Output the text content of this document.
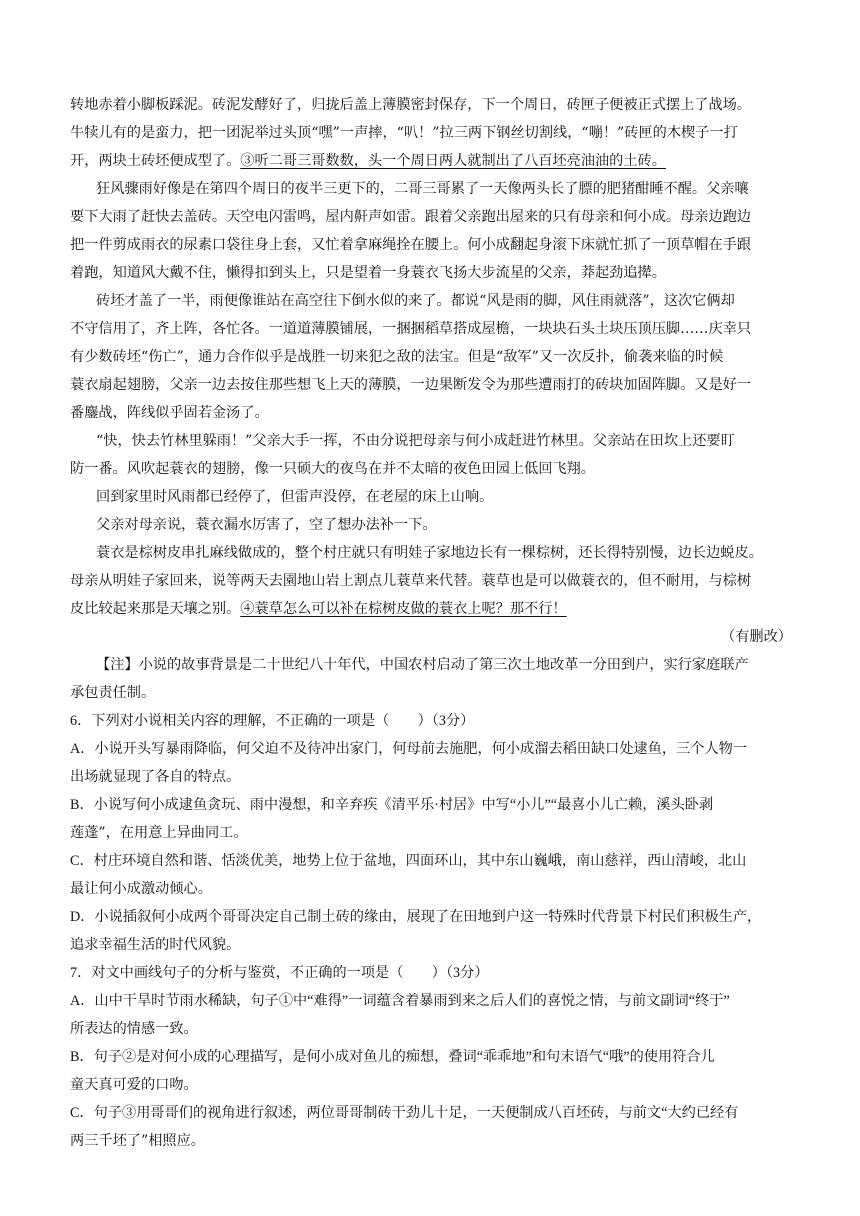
转地赤着小脚板踩泥。砖泥发酵好了，归拢后盖上薄膜密封保存，下一个周日，砖匣子便被正式摆上了战场。
牛犊儿有的是蛮力，把一团泥举过头顶“嘿”一声摔，“叭！”拉三两下钢丝切割线，“嘣！”砖匣的木楔子一打
开，两块土砖坯便成型了。③听二哥三哥数数，头一个周日两人就制出了八百坯亮油油的土砖。
狂风骤雨好像是在第四个周日的夜半三更下的，二哥三哥累了一天像两头长了膘的肥猪酣睡不醒。父亲嚷
要下大雨了赶快去盖砖。天空电闪雷鸣，屋内鼾声如雷。跟着父亲跑出屋来的只有母亲和何小成。母亲边跑边
把一件剪成雨衣的尿素口袋往身上套，又忙着拿麻绳拴在腰上。何小成翻起身滚下床就忙抓了一顶草帽在手跟
着跑，知道风大戴不住，懒得扣到头上，只是望着一身蓑衣飞扬大步流星的父亲，莽起劲追撵。
砖坯才盖了一半，雨便像谁站在高空往下倒水似的来了。都说“风是雨的脚，风住雨就落”，这次它俩却
不守信用了，齐上阵，各忙各。一道道薄膜铺展，一捆捆稻草搭成屋檐，一块块石头土块压顶压脚……庆幸只
有少数砖坯“伤亡”，通力合作似乎是战胜一切来犯之敌的法宝。但是“敌军”又一次反扑，偷袭来临的时候
蓑衣扇起翅膀，父亲一边去按住那些想飞上天的薄膜，一边果断发令为那些遭雨打的砖块加固阵脚。又是好一
番鏖战，阵线似乎固若金汤了。
“快，快去竹林里躲雨！”父亲大手一挥，不由分说把母亲与何小成赶进竹林里。父亲站在田坎上还要盯
防一番。风吹起蓑衣的翅膀，像一只硕大的夜鸟在并不太暗的夜色田园上低回飞翔。
回到家里时风雨都已经停了，但雷声没停，在老屋的床上山响。
父亲对母亲说，蓑衣漏水厉害了，空了想办法补一下。
蓑衣是棕树皮串扎麻线做成的，整个村庄就只有明娃子家地边长有一棵棕树，还长得特别慢，边长边蜕皮。
母亲从明娃子家回来，说等两天去園地山岩上割点儿蓑草来代替。蓑草也是可以做蓑衣的，但不耐用，与棕树
皮比较起来那是天壤之别。④蓑草怎么可以补在棕树皮做的蓑衣上呢？那不行！
（有删改）
【注】小说的故事背景是二十世纪八十年代，中国农村启动了第三次土地改革一分田到户，实行家庭联产
承包责任制。
6．下列对小说相关内容的理解，不正确的一项是（　　）（3分）
A．小说开头写暴雨降临，何父迫不及待冲出家门，何母前去施肥，何小成溜去稻田缺口处逮鱼，三个人物一
出场就显现了各自的特点。
B．小说写何小成逮鱼贪玩、雨中漫想，和辛弃疾《清平乐·村居》中写“小儿”“最喜小儿亡赖，溪头卧剥
莲蓬”，在用意上异曲同工。
C．村庄环境自然和谐、恬淡优美，地势上位于盆地，四面环山，其中东山巍峨，南山慈祥，西山清峻，北山
最让何小成激动倾心。
D．小说插叙何小成两个哥哥决定自己制土砖的缘由，展现了在田地到户这一特殊时代背景下村民们积极生产，
追求幸福生活的时代风貌。
7．对文中画线句子的分析与鉴赏，不正确的一项是（　　）（3分）
A．山中干旱时节雨水稀缺，句子①中“难得”一词蕴含着暴雨到来之后人们的喜悦之情，与前文副词“终于”
所表达的情感一致。
B．句子②是对何小成的心理描写，是何小成对鱼儿的痴想，叠词“乖乖地”和句末语气“哦”的使用符合儿
童天真可爱的口吻。
C．句子③用哥哥们的视角进行叙述，两位哥哥制砖干劲儿十足，一天便制成八百坯砖，与前文“大约已经有
两三千坯了”相照应。
